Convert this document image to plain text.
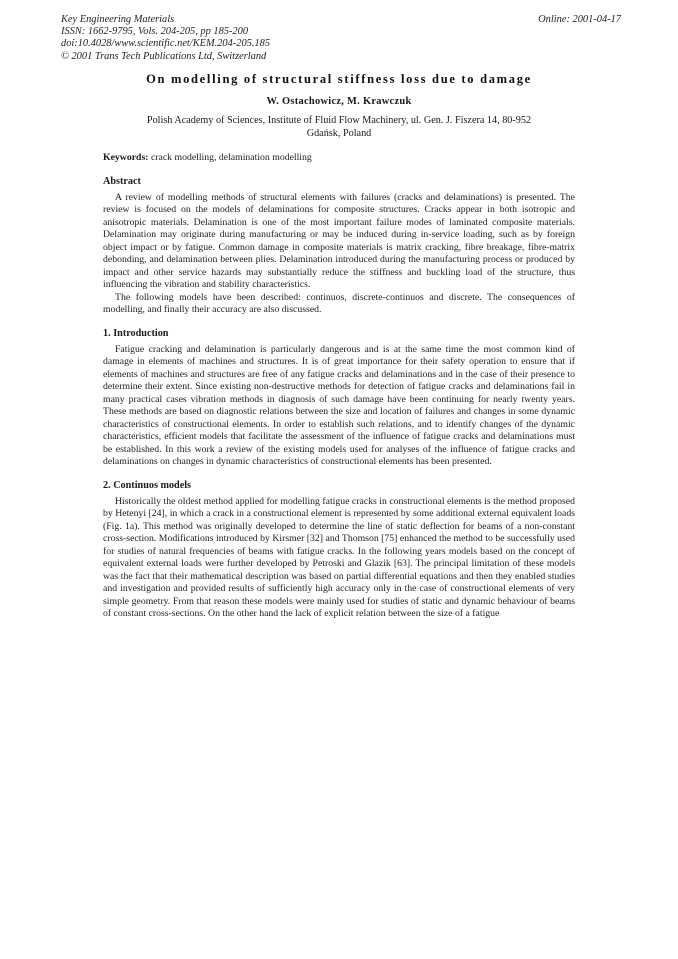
Key Engineering Materials
ISSN: 1662-9795, Vols. 204-205, pp 185-200
doi:10.4028/www.scientific.net/KEM.204-205.185
© 2001 Trans Tech Publications Ltd, Switzerland
Online: 2001-04-17
On modelling of structural stiffness loss due to damage
W. Ostachowicz, M. Krawczuk
Polish Academy of Sciences, Institute of Fluid Flow Machinery, ul. Gen. J. Fiszera 14, 80-952
Gdańsk, Poland
Keywords: crack modelling, delamination modelling
Abstract

A review of modelling methods of structural elements with failures (cracks and delaminations) is presented. The review is focused on the models of delaminations for composite structures. Cracks appear in both isotropic and anisotropic materials. Delamination is one of the most important failure modes of laminated composite materials. Delamination may originate during manufacturing or may be induced during in-service loading, such as by foreign object impact or by fatigue. Common damage in composite materials is matrix cracking, fibre breakage, fibre-matrix debonding, and delamination between plies. Delamination introduced during the manufacturing process or produced by impact and other service hazards may substantially reduce the stiffness and buckling load of the structure, thus influencing the vibration and stability characteristics.

The following models have been described: continuos, discrete-continuos and discrete. The consequences of modelling, and finally their accuracy are also discussed.

1. Introduction

Fatigue cracking and delamination is particularly dangerous and is at the same time the most common kind of damage in elements of machines and structures. It is of great importance for their safety operation to ensure that if elements of machines and structures are free of any fatigue cracks and delaminations and in the case of their presence to determine their extent. Since existing non-destructive methods for detection of fatigue cracks and delaminations fail in many practical cases vibration methods in diagnosis of such damage have been continuing for nearly twenty years. These methods are based on diagnostic relations between the size and location of failures and changes in some dynamic characteristics of constructional elements. In order to establish such relations, and to identify changes of the dynamic characteristics, efficient models that facilitate the assessment of the influence of fatigue cracks and delaminations must be established. In this work a review of the existing models used for analyses of the influence of fatigue cracks and delaminations on changes in dynamic characteristics of constructional elements has been presented.

2. Continuos models

Historically the oldest method applied for modelling fatigue cracks in constructional elements is the method proposed by Hetenyi [24], in which a crack in a constructional element is represented by some additional external equivalent loads (Fig. 1a). This method was originally developed to determine the line of static deflection for beams of a non-constant cross-section. Modifications introduced by Kirsmer [32] and Thomson [75] enhanced the method to be successfully used for studies of natural frequencies of beams with fatigue cracks. In the following years models based on the concept of equivalent external loads were further developed by Petroski and Glazik [63]. The principal limitation of these models was the fact that their mathematical description was based on partial differential equations and then they enabled studies and investigation and provided results of sufficiently high accuracy only in the case of constructional elements of very simple geometry. From that reason these models were mainly used for studies of static and dynamic behaviour of beams of constant cross-sections. On the other hand the lack of explicit relation between the size of a fatigue
